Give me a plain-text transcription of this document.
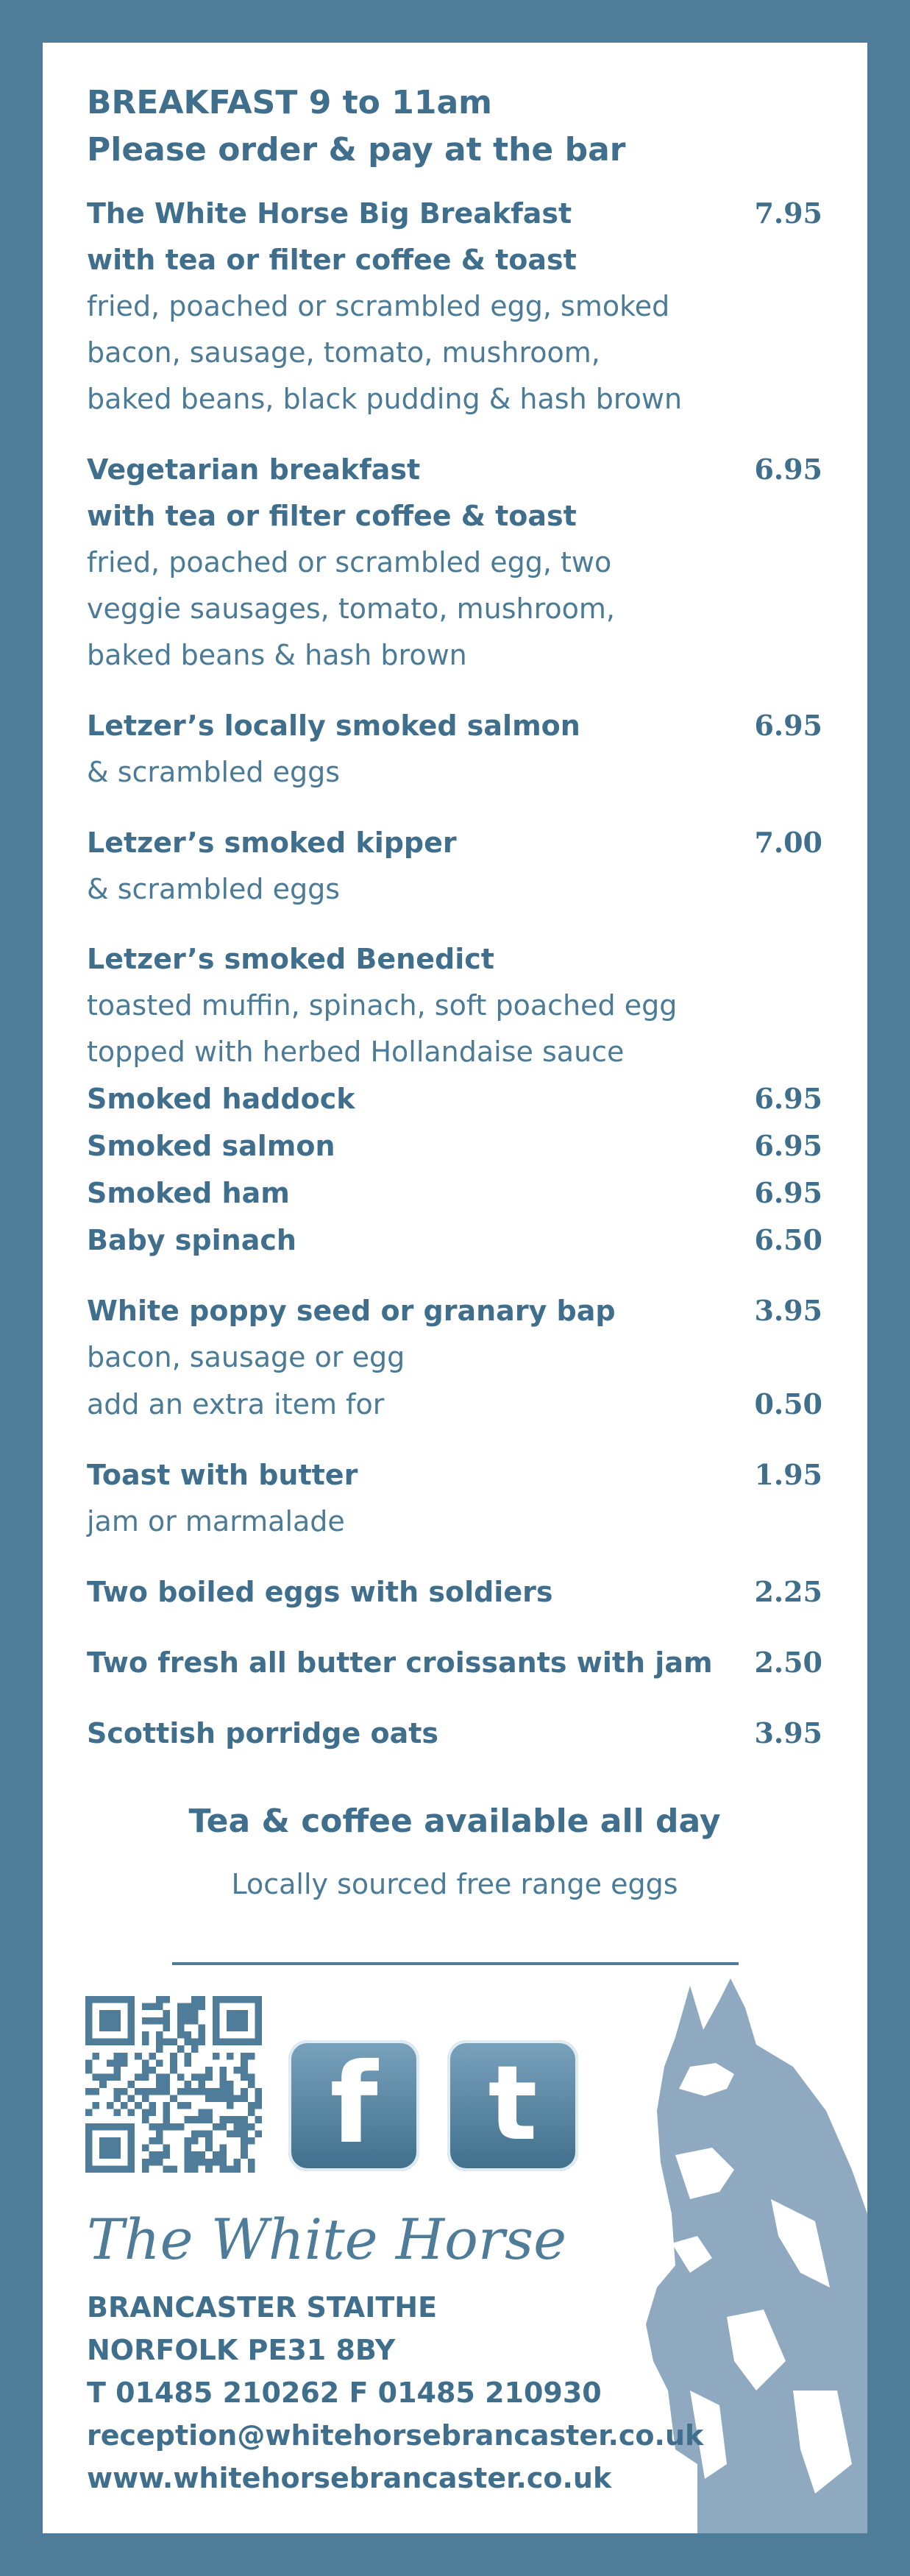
BREAKFAST 9 to 11am
Please order & pay at the bar
The White Horse Big Breakfast	7.95
with tea or filter coffee & toast
fried, poached or scrambled egg, smoked
bacon, sausage, tomato, mushroom,
baked beans, black pudding & hash brown
Vegetarian breakfast	6.95
with tea or filter coffee & toast
fried, poached or scrambled egg, two
veggie sausages, tomato, mushroom,
baked beans & hash brown
Letzer’s locally smoked salmon	6.95
& scrambled eggs
Letzer’s smoked kipper	7.00
& scrambled eggs
Letzer’s smoked Benedict
toasted muffin, spinach, soft poached egg
topped with herbed Hollandaise sauce
Smoked haddock	6.95
Smoked salmon	6.95
Smoked ham	6.95
Baby spinach	6.50
White poppy seed or granary bap	3.95
bacon, sausage or egg
add an extra item for	0.50
Toast with butter	1.95
jam or marmalade
Two boiled eggs with soldiers	2.25
Two fresh all butter croissants with jam 2.50
Scottish porridge oats	3.95
Tea & coffee available all day
Locally sourced free range eggs
f	t
The White Horse
BRANCASTER STAITHE
NORFOLK PE31 8BY
T 01485 210262 F 01485 210930
reception@whitehorsebrancaster.co.uk
www.whitehorsebrancaster.co.uk
